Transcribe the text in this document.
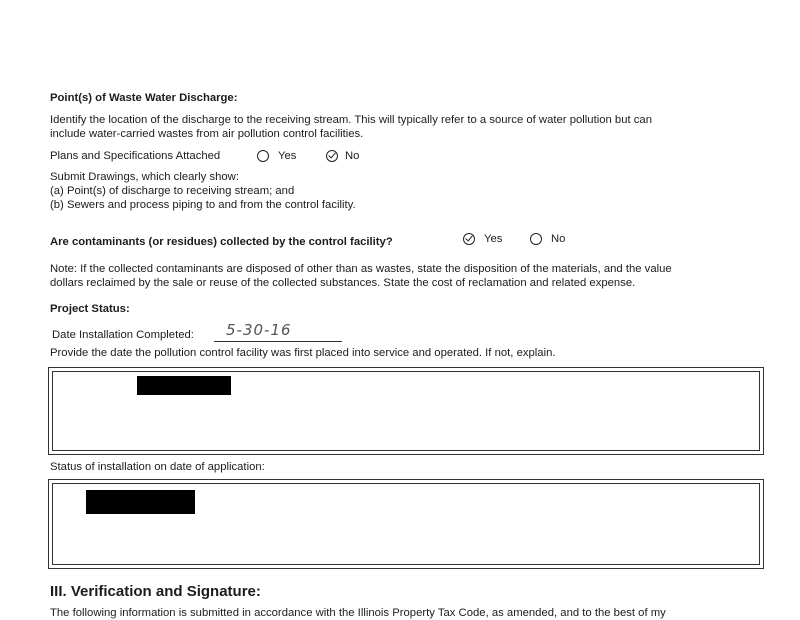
Point(s) of Waste Water Discharge:
Identify the location of the discharge to the receiving stream. This will typically refer to a source of water pollution but can
include water-carried wastes from air pollution control facilities.
Plans and Specifications Attached	Yes	No
Submit Drawings, which clearly show:
(a) Point(s) of discharge to receiving stream; and
(b) Sewers and process piping to and from the control facility.
Are contaminants (or residues) collected by the control facility?	Yes	No
Note: If the collected contaminants are disposed of other than as wastes, state the disposition of the materials, and the value
dollars reclaimed by the sale or reuse of the collected substances. State the cost of reclamation and related expense.
Project Status:
Date Installation Completed: 5-30-16
Provide the date the pollution control facility was first placed into service and operated. If not, explain.
Status of installation on date of application:
III. Verification and Signature:
The following information is submitted in accordance with the Illinois Property Tax Code, as amended, and to the best of my
